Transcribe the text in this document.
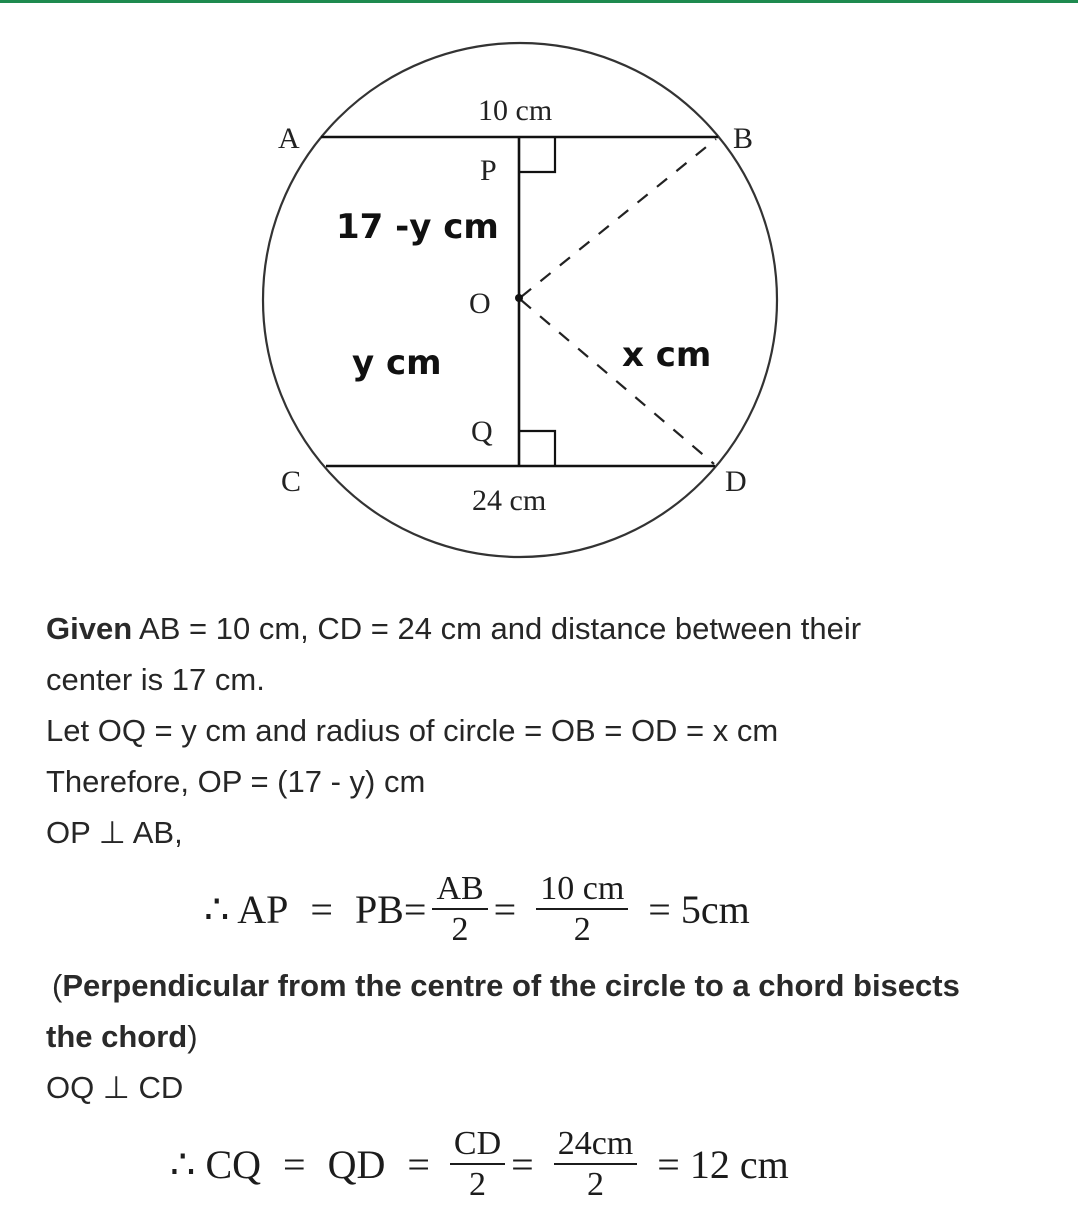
A	B
C	D
P
O
Q
10 cm
24 cm
17 -y cm
y cm	x cm

Given AB = 10 cm, CD = 24 cm and distance between their

center is 17 cm.

Let OQ = y cm and radius of circle = OB = OD = x cm

Therefore, OP = (17 - y) cm

OP ⊥ AB,

∴ AP = PB = $\frac{AB}{2} = \frac{10 cm}{2} = 5cm$

(Perpendicular from the centre of the circle to a chord bisects

the chord)

OQ ⊥ CD

∴ CQ = QD = $\frac{CD}{2} = \frac{24cm}{2} = 12$ cm
